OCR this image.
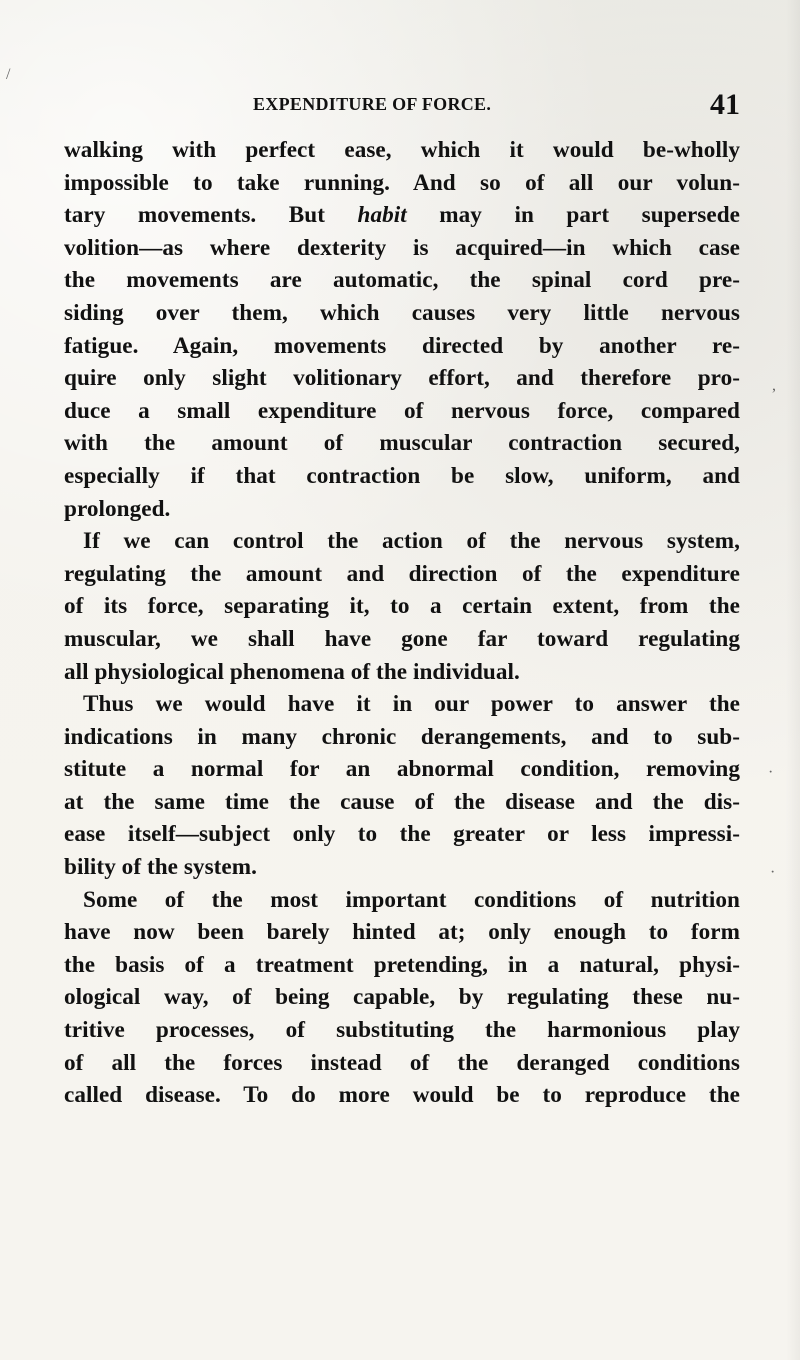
EXPENDITURE OF FORCE.	41
walking with perfect ease, which it would be-wholly
impossible to take running. And so of all our volun-
tary movements. But habit may in part supersede
volition—as where dexterity is acquired—in which case
the movements are automatic, the spinal cord pre-
siding over them, which causes very little nervous
fatigue. Again, movements directed by another re-
quire only slight volitionary effort, and therefore pro-
duce a small expenditure of nervous force, compared
with the amount of muscular contraction secured,
especially if that contraction be slow, uniform, and
prolonged.
If we can control the action of the nervous system,
regulating the amount and direction of the expenditure
of its force, separating it, to a certain extent, from the
muscular, we shall have gone far toward regulating
all physiological phenomena of the individual.
Thus we would have it in our power to answer the
indications in many chronic derangements, and to sub-
stitute a normal for an abnormal condition, removing
at the same time the cause of the disease and the dis-
ease itself—subject only to the greater or less impressi-
bility of the system.
Some of the most important conditions of nutrition
have now been barely hinted at; only enough to form
the basis of a treatment pretending, in a natural, physi-
ological way, of being capable, by regulating these nu-
tritive processes, of substituting the harmonious play
of all the forces instead of the deranged conditions
called disease. To do more would be to reproduce the
/
,
·
·
